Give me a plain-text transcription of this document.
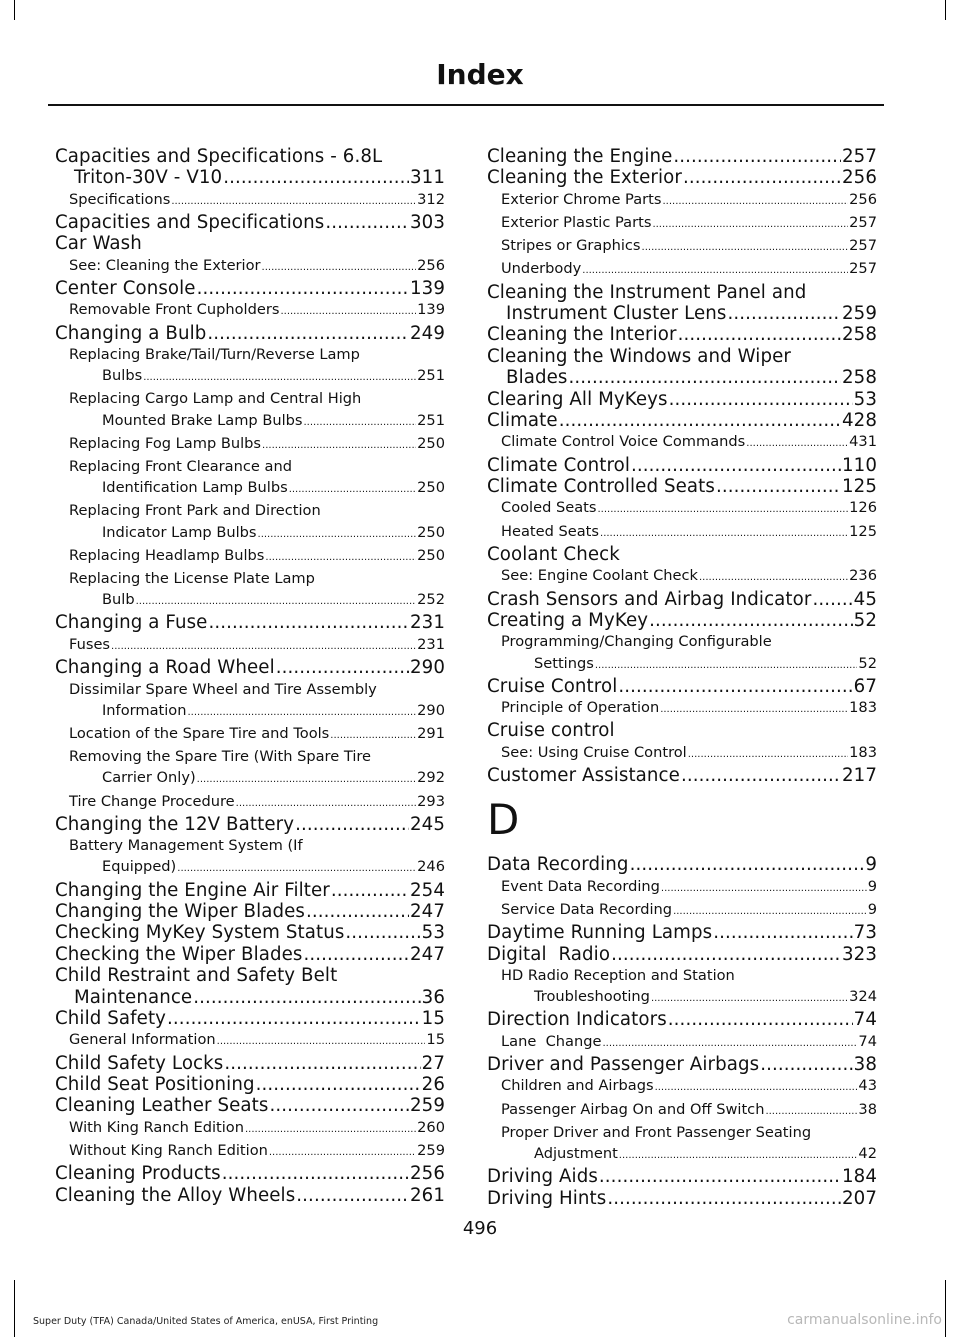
Index
Capacities and Specifications - 6.8L
Triton-30V - V10 .....	311
Specifications .....	312
Capacities and Specifications .....	303
Car Wash
See: Cleaning the Exterior .....	256
Center Console .....	139
Removable Front Cupholders .....	139
Changing a Bulb .....	249
Replacing Brake/Tail/Turn/Reverse Lamp
Bulbs .....	251
Replacing Cargo Lamp and Central High
Mounted Brake Lamp Bulbs .....	251
Replacing Fog Lamp Bulbs .....	250
Replacing Front Clearance and
Identification Lamp Bulbs .....	250
Replacing Front Park and Direction
Indicator Lamp Bulbs .....	250
Replacing Headlamp Bulbs .....	250
Replacing the License Plate Lamp
Bulb .....	252
Changing a Fuse .....	231
Fuses .....	231
Changing a Road Wheel .....	290
Dissimilar Spare Wheel and Tire Assembly
Information .....	290
Location of the Spare Tire and Tools .....	291
Removing the Spare Tire (With Spare Tire
Carrier Only) .....	292
Tire Change Procedure .....	293
Changing the 12V Battery .....	245
Battery Management System (If
Equipped) .....	246
Changing the Engine Air Filter .....	254
Changing the Wiper Blades .....	247
Checking MyKey System Status .....	53
Checking the Wiper Blades .....	247
Child Restraint and Safety Belt
Maintenance .....	36
Child Safety .....	15
General Information .....	15
Child Safety Locks .....	27
Child Seat Positioning .....	26
Cleaning Leather Seats .....	259
With King Ranch Edition .....	260
Without King Ranch Edition .....	259
Cleaning Products .....	256
Cleaning the Alloy Wheels .....	261
Cleaning the Engine .....	257
Cleaning the Exterior .....	256
Exterior Chrome Parts .....	256
Exterior Plastic Parts .....	257
Stripes or Graphics .....	257
Underbody .....	257
Cleaning the Instrument Panel and
Instrument Cluster Lens .....	259
Cleaning the Interior .....	258
Cleaning the Windows and Wiper
Blades .....	258
Clearing All MyKeys .....	53
Climate .....	428
Climate Control Voice Commands .....	431
Climate Control .....	110
Climate Controlled Seats .....	125
Cooled Seats .....	126
Heated Seats .....	125
Coolant Check
See: Engine Coolant Check .....	236
Crash Sensors and Airbag Indicator ..... 45
Creating a MyKey .....	52
Programming/Changing Configurable
Settings .....	52
Cruise Control .....	67
Principle of Operation .....	183
Cruise control
See: Using Cruise Control .....	183
Customer Assistance .....	217
D
Data Recording .....	9
Event Data Recording .....	9
Service Data Recording .....	9
Daytime Running Lamps .....	73
Digital  Radio .....	323
HD Radio Reception and Station
Troubleshooting .....	324
Direction Indicators .....	74
Lane  Change .....	74
Driver and Passenger Airbags .....	38
Children and Airbags .....	43
Passenger Airbag On and Off Switch .....	38
Proper Driver and Front Passenger Seating
Adjustment .....	42
Driving Aids .....	184
Driving Hints .....	207
496
Super Duty (TFA) Canada/United States of America, enUSA, First Printing	carmanualsonline.info
